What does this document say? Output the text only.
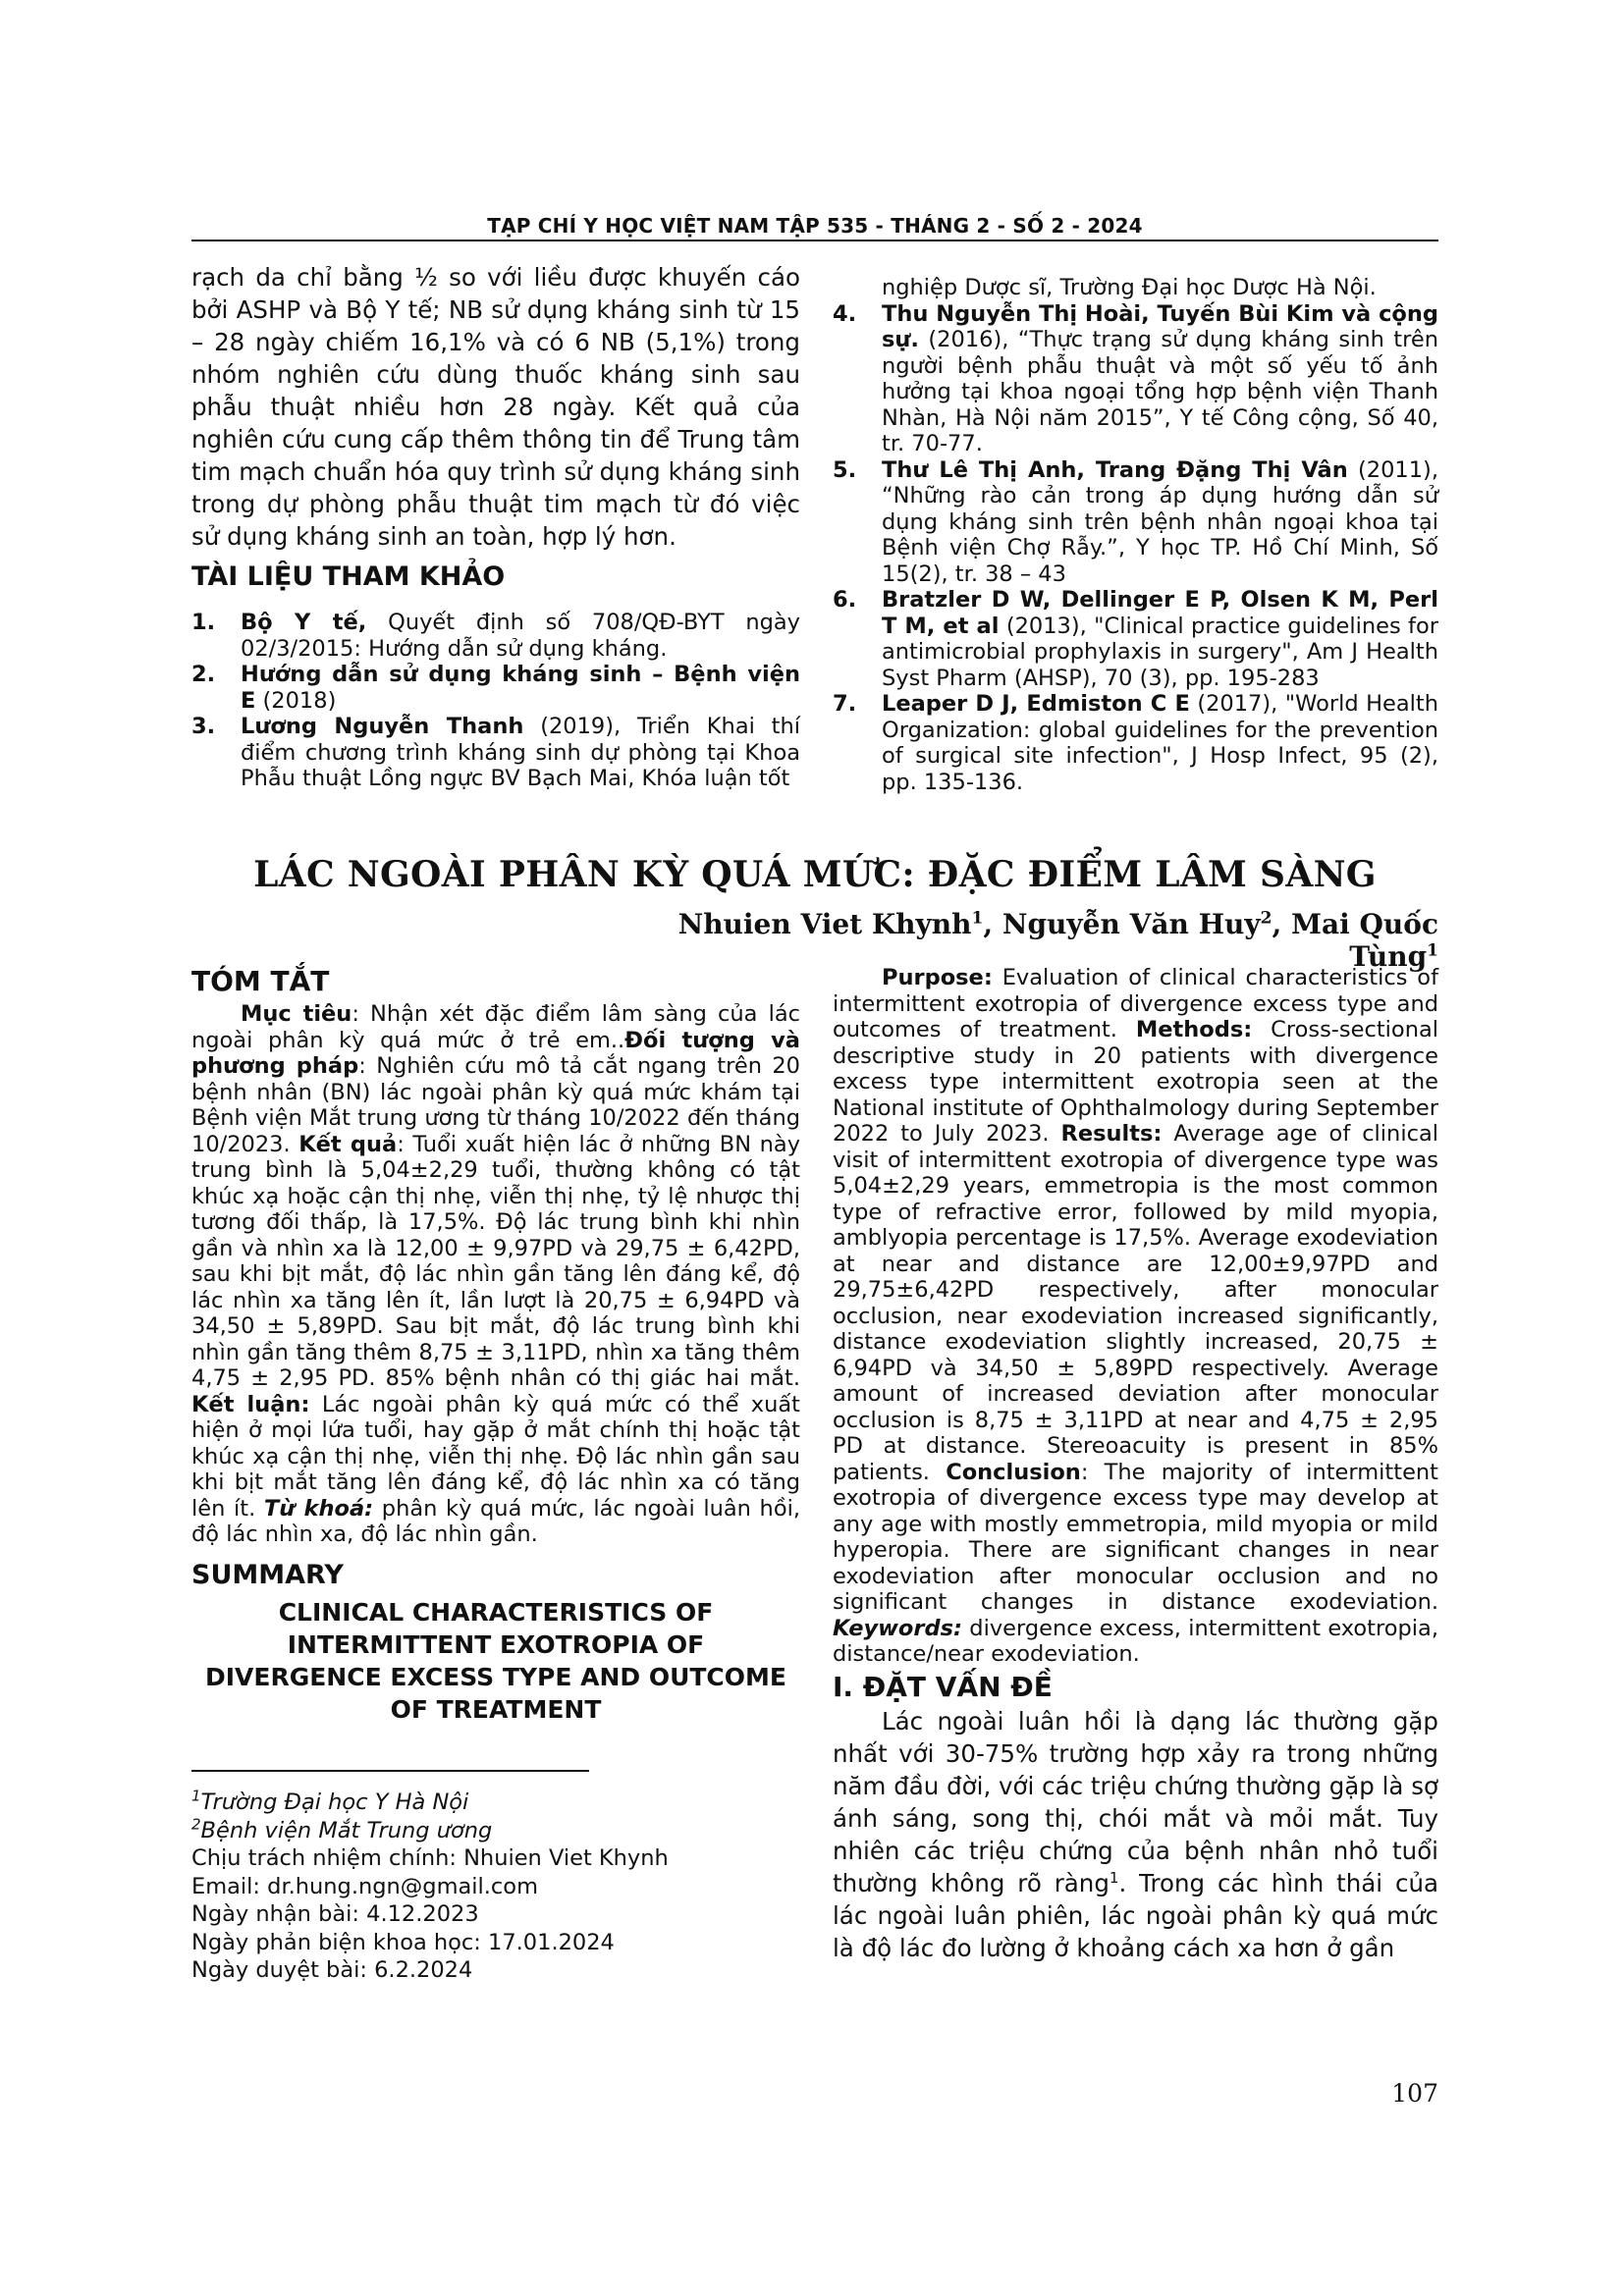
TẠP CHÍ Y HỌC VIỆT NAM TẬP 535 - THÁNG 2 - SỐ 2 - 2024
rạch da chỉ bằng ½ so với liều được khuyến cáo bởi ASHP và Bộ Y tế; NB sử dụng kháng sinh từ 15 – 28 ngày chiếm 16,1% và có 6 NB (5,1%) trong nhóm nghiên cứu dùng thuốc kháng sinh sau phẫu thuật nhiều hơn 28 ngày. Kết quả của nghiên cứu cung cấp thêm thông tin để Trung tâm tim mạch chuẩn hóa quy trình sử dụng kháng sinh trong dự phòng phẫu thuật tim mạch từ đó việc sử dụng kháng sinh an toàn, hợp lý hơn.
TÀI LIỆU THAM KHẢO
1. Bộ Y tế, Quyết định số 708/QĐ-BYT ngày 02/3/2015: Hướng dẫn sử dụng kháng.
2. Hướng dẫn sử dụng kháng sinh – Bệnh viện E (2018)
3. Lương Nguyễn Thanh (2019), Triển Khai thí điểm chương trình kháng sinh dự phòng tại Khoa Phẫu thuật Lồng ngực BV Bạch Mai, Khóa luận tốt
nghiệp Dược sĩ, Trường Đại học Dược Hà Nội.
4. Thu Nguyễn Thị Hoài, Tuyến Bùi Kim và cộng sự. (2016), “Thực trạng sử dụng kháng sinh trên người bệnh phẫu thuật và một số yếu tố ảnh hưởng tại khoa ngoại tổng hợp bệnh viện Thanh Nhàn, Hà Nội năm 2015”, Y tế Công cộng, Số 40, tr. 70-77.
5. Thư Lê Thị Anh, Trang Đặng Thị Vân (2011), “Những rào cản trong áp dụng hướng dẫn sử dụng kháng sinh trên bệnh nhân ngoại khoa tại Bệnh viện Chợ Rẫy.”, Y học TP. Hồ Chí Minh, Số 15(2), tr. 38 – 43
6. Bratzler D W, Dellinger E P, Olsen K M, Perl T M, et al (2013), "Clinical practice guidelines for antimicrobial prophylaxis in surgery", Am J Health Syst Pharm (AHSP), 70 (3), pp. 195-283
7. Leaper D J, Edmiston C E (2017), "World Health Organization: global guidelines for the prevention of surgical site infection", J Hosp Infect, 95 (2), pp. 135-136.
LÁC NGOÀI PHÂN KỲ QUÁ MỨC: ĐẶC ĐIỂM LÂM SÀNG
Nhuien Viet Khynh$^1$, Nguyễn Văn Huy$^2$, Mai Quốc Tùng$^1$
TÓM TẮT
Mục tiêu: Nhận xét đặc điểm lâm sàng của lác ngoài phân kỳ quá mức ở trẻ em..Đối tượng và phương pháp: Nghiên cứu mô tả cắt ngang trên 20 bệnh nhân (BN) lác ngoài phân kỳ quá mức khám tại Bệnh viện Mắt trung ương từ tháng 10/2022 đến tháng 10/2023. Kết quả: Tuổi xuất hiện lác ở những BN này trung bình là 5,04±2,29 tuổi, thường không có tật khúc xạ hoặc cận thị nhẹ, viễn thị nhẹ, tỷ lệ nhược thị tương đối thấp, là 17,5%. Độ lác trung bình khi nhìn gần và nhìn xa là 12,00 ± 9,97PD và 29,75 ± 6,42PD, sau khi bịt mắt, độ lác nhìn gần tăng lên đáng kể, độ lác nhìn xa tăng lên ít, lần lượt là 20,75 ± 6,94PD và 34,50 ± 5,89PD. Sau bịt mắt, độ lác trung bình khi nhìn gần tăng thêm 8,75 ± 3,11PD, nhìn xa tăng thêm 4,75 ± 2,95 PD. 85% bệnh nhân có thị giác hai mắt. Kết luận: Lác ngoài phân kỳ quá mức có thể xuất hiện ở mọi lứa tuổi, hay gặp ở mắt chính thị hoặc tật khúc xạ cận thị nhẹ, viễn thị nhẹ. Độ lác nhìn gần sau khi bịt mắt tăng lên đáng kể, độ lác nhìn xa có tăng lên ít. Từ khoá: phân kỳ quá mức, lác ngoài luân hồi, độ lác nhìn xa, độ lác nhìn gần.
SUMMARY
CLINICAL CHARACTERISTICS OF INTERMITTENT EXOTROPIA OF DIVERGENCE EXCESS TYPE AND OUTCOME OF TREATMENT
$^1$Trường Đại học Y Hà Nội
$^2$Bệnh viện Mắt Trung ương
Chịu trách nhiệm chính: Nhuien Viet Khynh
Email: dr.hung.ngn@gmail.com
Ngày nhận bài: 4.12.2023
Ngày phản biện khoa học: 17.01.2024
Ngày duyệt bài: 6.2.2024
Purpose: Evaluation of clinical characteristics of intermittent exotropia of divergence excess type and outcomes of treatment. Methods: Cross-sectional descriptive study in 20 patients with divergence excess type intermittent exotropia seen at the National institute of Ophthalmology during September 2022 to July 2023. Results: Average age of clinical visit of intermittent exotropia of divergence type was 5,04±2,29 years, emmetropia is the most common type of refractive error, followed by mild myopia, amblyopia percentage is 17,5%. Average exodeviation at near and distance are 12,00±9,97PD and 29,75±6,42PD respectively, after monocular occlusion, near exodeviation increased significantly, distance exodeviation slightly increased, 20,75 ± 6,94PD và 34,50 ± 5,89PD respectively. Average amount of increased deviation after monocular occlusion is 8,75 ± 3,11PD at near and 4,75 ± 2,95 PD at distance. Stereoacuity is present in 85% patients. Conclusion: The majority of intermittent exotropia of divergence excess type may develop at any age with mostly emmetropia, mild myopia or mild hyperopia. There are significant changes in near exodeviation after monocular occlusion and no significant changes in distance exodeviation. Keywords: divergence excess, intermittent exotropia, distance/near exodeviation.
I. ĐẶT VẤN ĐỀ
Lác ngoài luân hồi là dạng lác thường gặp nhất với 30-75% trường hợp xảy ra trong những năm đầu đời, với các triệu chứng thường gặp là sợ ánh sáng, song thị, chói mắt và mỏi mắt. Tuy nhiên các triệu chứng của bệnh nhân nhỏ tuổi thường không rõ ràng$^1$. Trong các hình thái của lác ngoài luân phiên, lác ngoài phân kỳ quá mức là độ lác đo lường ở khoảng cách xa hơn ở gần
107
